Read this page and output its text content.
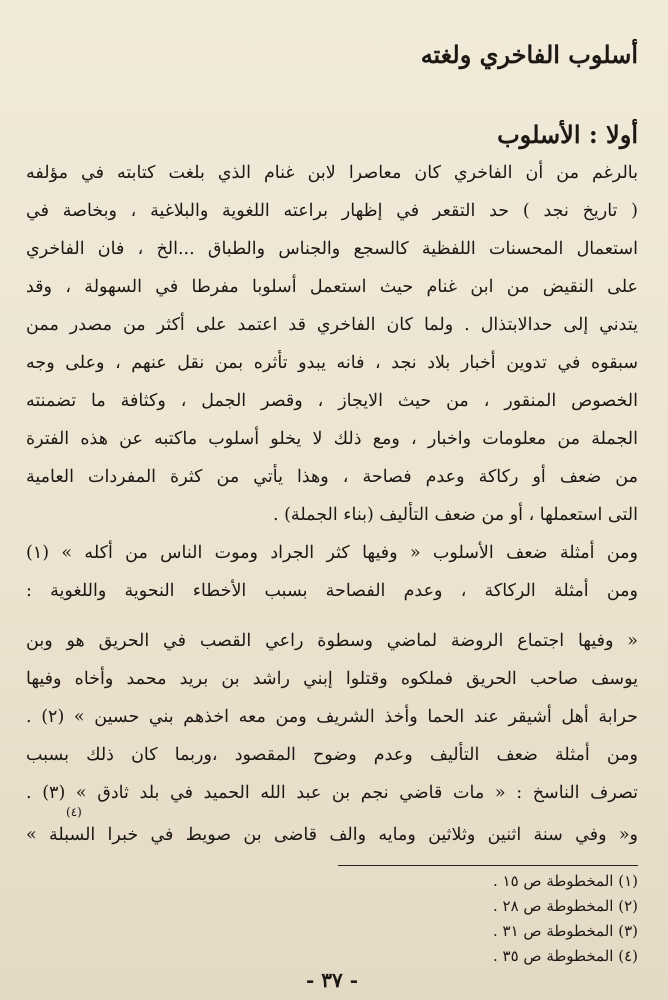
أسلوب الفاخري ولغته
أولا : الأسلوب
بالرغم من أن الفاخري كان معاصرا لابن غنام الذي بلغت كتابته في مؤلفه
( تاريخ نجد ) حد التقعر في إظهار براعته اللغوية والبلاغية ، وبخاصة في
استعمال المحسنات اللفظية كالسجع والجناس والطباق ...الخ ، فان الفاخري
على النقيض من ابن غنام حيث استعمل أسلوبا مفرطا في السهولة ، وقد
يتدني إلى حدالابتذال . ولما كان الفاخري قد اعتمد على أكثر من مصدر ممن
سبقوه في تدوين أخبار بلاد نجد ، فانه يبدو تأثره بمن نقل عنهم ، وعلى وجه
الخصوص المنقور ، من حيث الايجاز ، وقصر الجمل ، وكثافة ما تضمنته
الجملة من معلومات واخبار ، ومع ذلك لا يخلو أسلوب ماكتبه عن هذه الفترة
من ضعف أو ركاكة وعدم فصاحة ، وهذا يأتي من كثرة المفردات العامية
التى استعملها ، أو من ضعف التأليف (بناء الجملة) .
ومن أمثلة ضعف الأسلوب « وفيها كثر الجراد وموت الناس من أكله » (١)
ومن أمثلة الركاكة ، وعدم الفصاحة بسبب الأخطاء النحوية واللغوية :
« وفيها اجتماع الروضة لماضي وسطوة راعي القصب في الحريق هو وبن
يوسف صاحب الحريق فملكوه وقتلوا إبني راشد بن بريد محمد وأخاه وفيها
حرابة أهل أشيقر عند الحما وأخذ الشريف ومن معه اخذهم بني حسين » (٢) .
ومن أمثلة ضعف التأليف وعدم وضوح المقصود ،وربما كان ذلك بسبب
تصرف الناسخ : « مات قاضي نجم بن عبد الله الحميد في بلد ثادق » (٣) .
و« وفي سنة اثنين وثلاثين ومايه والف قاضى بن صويط في خبرا السبلة »
(٤)
(١) المخطوطة ص ١٥ .
(٢) المخطوطة ص ٢٨ .
(٣) المخطوطة ص ٣١ .
(٤) المخطوطة ص ٣٥ .
- ٣٧ -
